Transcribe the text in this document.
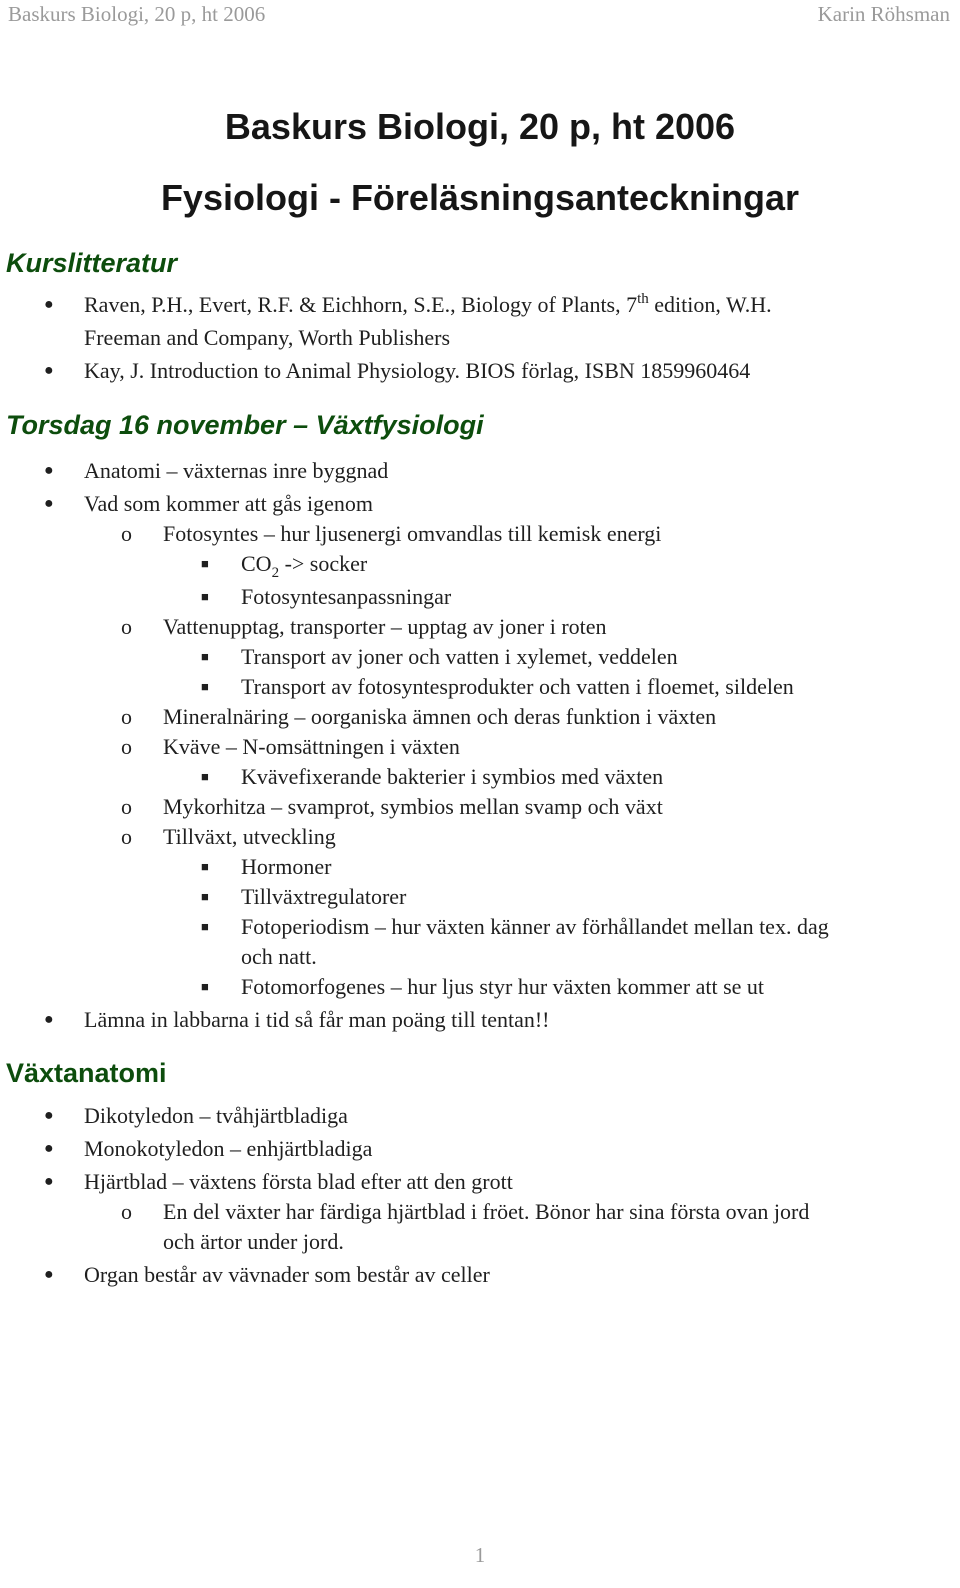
Baskurs Biologi, 20 p, ht 2006	Karin Röhsman
Baskurs Biologi, 20 p, ht 2006
Fysiologi - Föreläsningsanteckningar
Kurslitteratur
● Raven, P.H., Evert, R.F. & Eichhorn, S.E., Biology of Plants, 7th edition, W.H.
Freeman and Company, Worth Publishers
● Kay, J. Introduction to Animal Physiology. BIOS förlag, ISBN 1859960464
Torsdag 16 november – Växtfysiologi
● Anatomi – växternas inre byggnad
● Vad som kommer att gås igenom
o Fotosyntes – hur ljusenergi omvandlas till kemisk energi
■ $CO_2$ -> socker
■ Fotosyntesanpassningar
o Vattenupptag, transporter – upptag av joner i roten
■ Transport av joner och vatten i xylemet, veddelen
■ Transport av fotosyntesprodukter och vatten i floemet, sildelen
o Mineralnäring – oorganiska ämnen och deras funktion i växten
o Kväve – N-omsättningen i växten
■ Kvävefixerande bakterier i symbios med växten
o Mykorhitza – svamprot, symbios mellan svamp och växt
o Tillväxt, utveckling
■ Hormoner
■ Tillväxtregulatorer
■ Fotoperiodism – hur växten känner av förhållandet mellan tex. dag
och natt.
■ Fotomorfogenes – hur ljus styr hur växten kommer att se ut
● Lämna in labbarna i tid så får man poäng till tentan!!
Växtanatomi
● Dikotyledon – tvåhjärtbladiga
● Monokotyledon – enhjärtbladiga
● Hjärtblad – växtens första blad efter att den grott
o En del växter har färdiga hjärtblad i fröet. Bönor har sina första ovan jord
och ärtor under jord.
● Organ består av vävnader som består av celler
1
